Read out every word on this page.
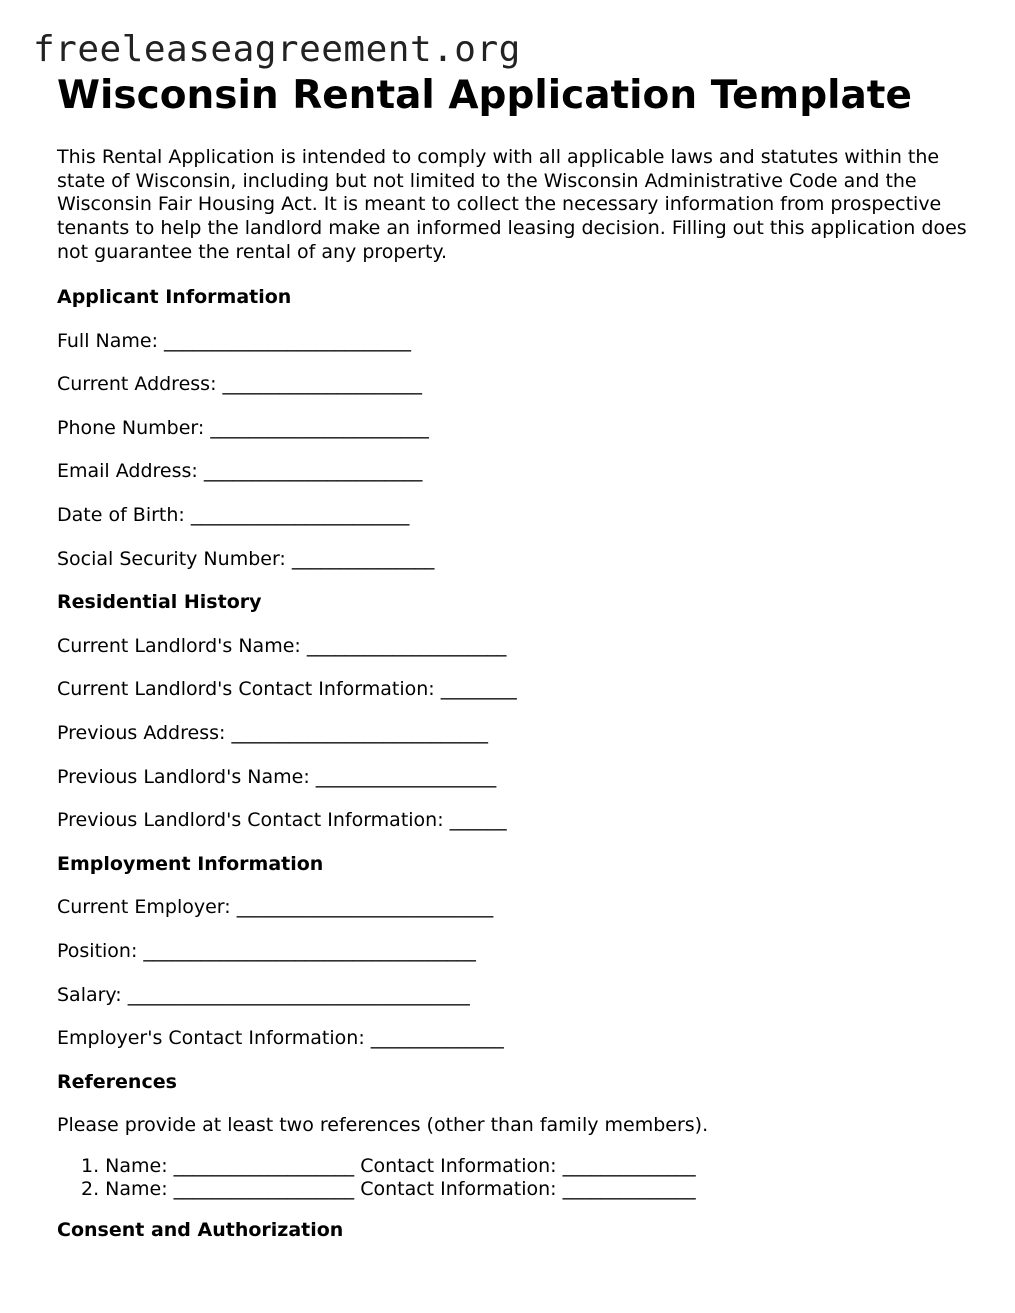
freeleaseagreement.org
Wisconsin Rental Application Template

This Rental Application is intended to comply with all applicable laws and statutes within the state of Wisconsin, including but not limited to the Wisconsin Administrative Code and the Wisconsin Fair Housing Act. It is meant to collect the necessary information from prospective tenants to help the landlord make an informed leasing decision. Filling out this application does not guarantee the rental of any property.

Applicant Information
Full Name: __________________________
Current Address: _____________________
Phone Number: _______________________
Email Address: _______________________
Date of Birth: _______________________
Social Security Number: _______________
Residential History
Current Landlord's Name: _____________________
Current Landlord's Contact Information: ________
Previous Address: ___________________________
Previous Landlord's Name: ___________________
Previous Landlord's Contact Information: ______
Employment Information
Current Employer: ___________________________
Position: ___________________________________
Salary: ____________________________________
Employer's Contact Information: ______________
References
Please provide at least two references (other than family members).
1. Name: ___________________ Contact Information: ______________
2. Name: ___________________ Contact Information: ______________
Consent and Authorization
